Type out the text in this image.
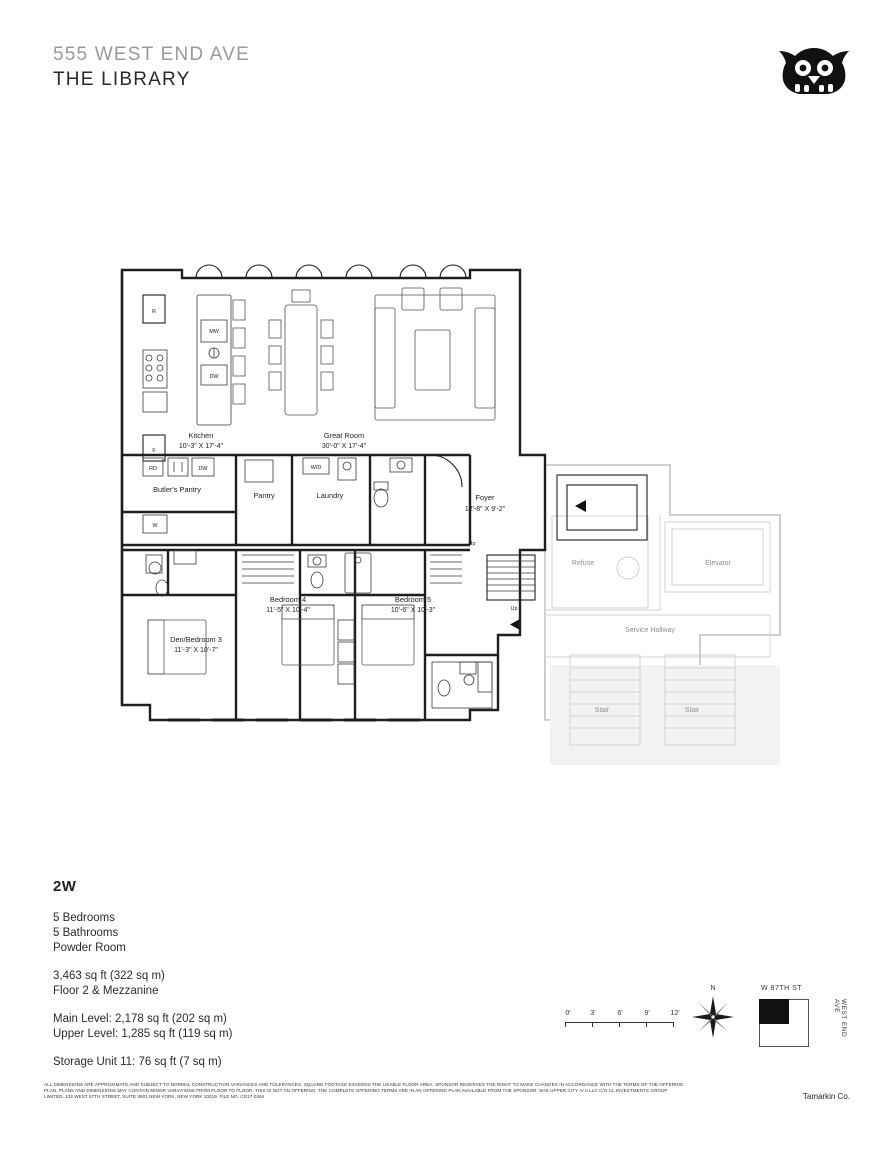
555 WEST END AVE
THE LIBRARY
Elevator
Refuse
Service Hallway
Stair	Stair
R
F
MW
DW
Kitchen
10'-3" X 17'-4"
Great Room
30'-0" X 17'-4"
RD	DW
Butler's Pantry
W
Pantry
W/D
Laundry	Foyer
12'-8" X 9'-2"
Up
Up
Bedroom 4
11'-5" X 10'-4"
Bedroom 5
10'-6" X 10'-3"
Den/Bedroom 3
11'-3" X 10'-7"
2W
5 Bedrooms
5 Bathrooms
Powder Room
3,463 sq ft (322 sq m)
Floor 2 & Mezzanine
Main Level: 2,178 sq ft (202 sq m)
Upper Level: 1,285 sq ft (119 sq m)
Storage Unit 11: 76 sq ft (7 sq m)
0'	3'	6'	9'	12'
N	W 87TH ST
WEST END AVE
ALL DIMENSIONS ARE APPROXIMATE AND SUBJECT TO NORMAL CONSTRUCTION VARIANCES AND TOLERANCES. SQUARE FOOTAGE EXCEEDS THE USABLE FLOOR AREA. SPONSOR RESERVES THE RIGHT TO MAKE CHANGES IN ACCORDANCE WITH THE TERMS OF THE OFFERING PLAN. PLANS AND DIMENSIONS MAY CONTAIN MINOR VARIATIONS FROM FLOOR TO FLOOR. THIS IS NOT AN OFFERING. THE COMPLETE OFFERING TERMS ARE IN AN OFFERING PLAN AVAILABLE FROM THE SPONSOR: SHS UPPER CITY IV II LLC C/O CL INVESTMENTS GROUP LIMITED, 132 WEST 57TH STREET, SUITE 3901 NEW YORK, NEW YORK 10019. FILE NO. CD17-0364	Tamarkin Co.
